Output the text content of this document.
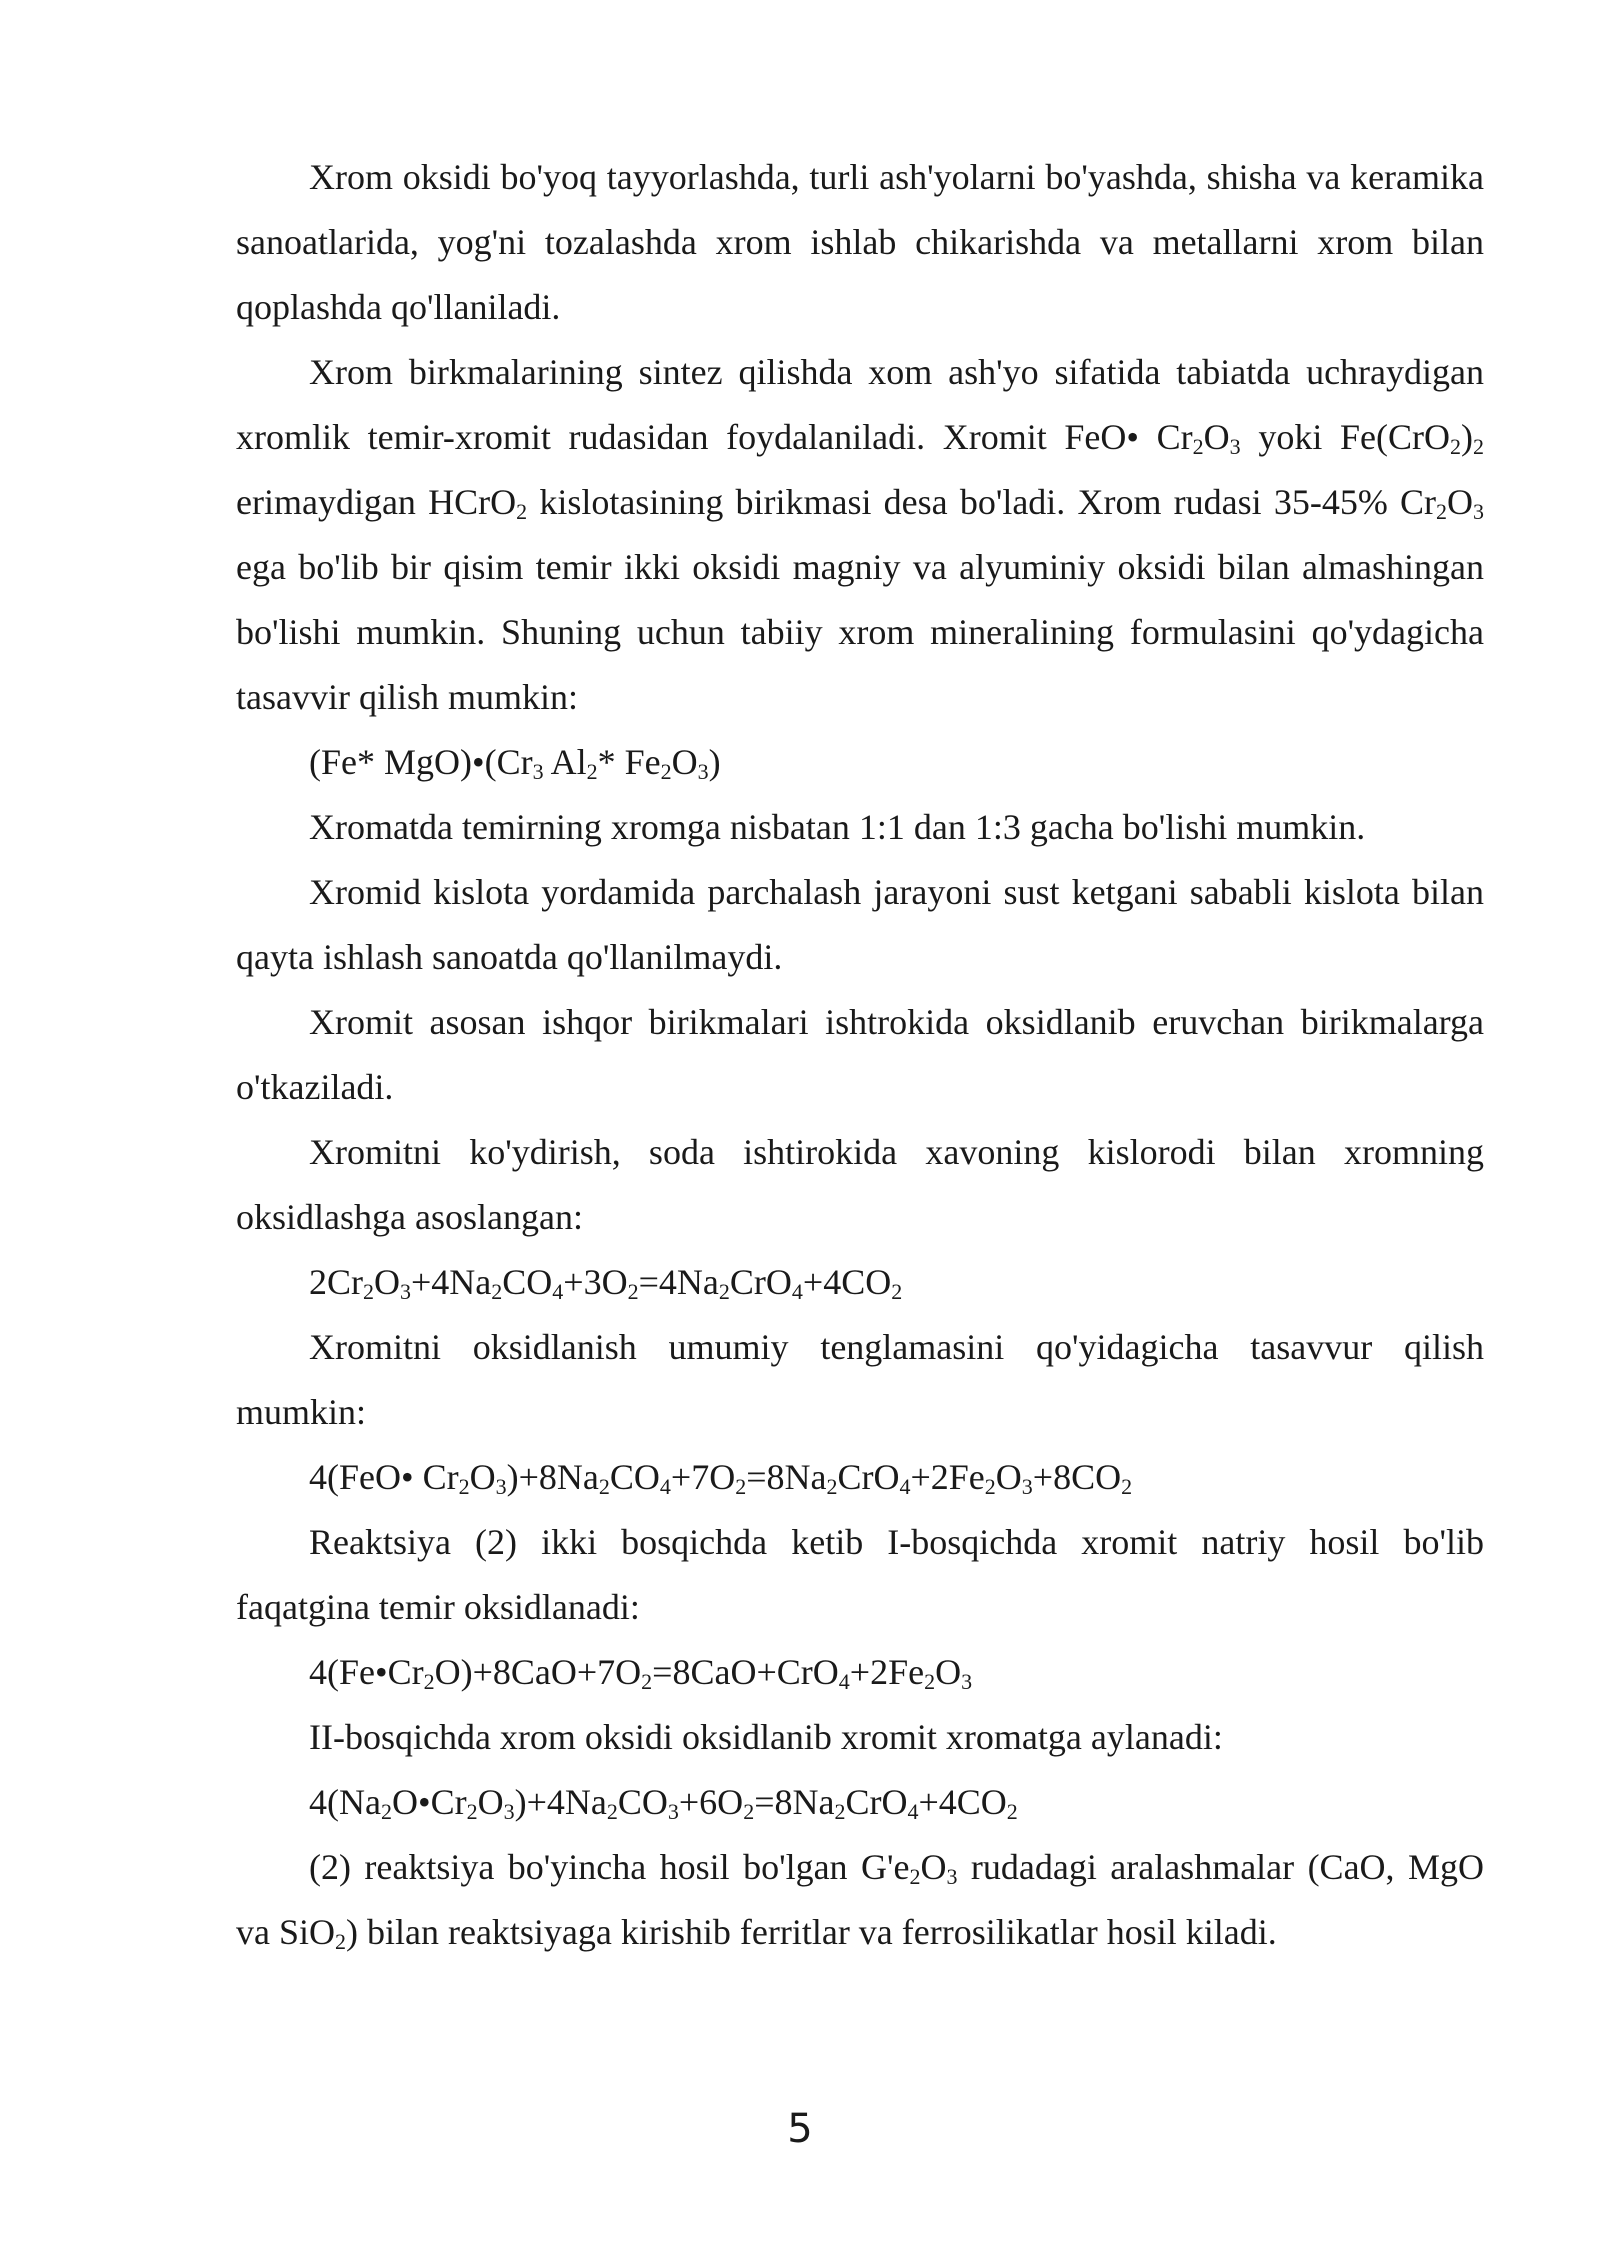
Xrom oksidi bo'yoq tayyorlashda, turli ash'yolarni bo'yashda, shisha va keramika sanoatlarida, yog'ni tozalashda xrom ishlab chikarishda va metallarni xrom bilan qoplashda qo'llaniladi.

Xrom birkmalarining sintez qilishda xom ash'yo sifatida tabiatda uchraydigan xromlik temir-xromit rudasidan foydalaniladi. Xromit FeO• $Cr_2O_3$ yoki $Fe(CrO_2)_2$ erimaydigan HCrO$_2$ kislotasining birikmasi desa bo'ladi. Xrom rudasi 35-45% $Cr_2O_3$ ega bo'lib bir qisim temir ikki oksidi magniy va alyuminiy oksidi bilan almashingan bo'lishi mumkin. Shuning uchun tabiiy xrom mineralining formulasini qo'ydagicha tasavvir qilish mumkin:

(Fe* $MgO)•(Cr_3$ $Al_2*$ $Fe_2O_3$)

Xromatda temirning xromga nisbatan 1:1 dan 1:3 gacha bo'lishi mumkin.

Xromid kislota yordamida parchalash jarayoni sust ketgani sababli kislota bilan qayta ishlash sanoatda qo'llanilmaydi.

Xromit asosan ishqor birikmalari ishtrokida oksidlanib eruvchan birikmalarga o'tkaziladi.

Xromitni ko'ydirish, soda ishtirokida xavoning kislorodi bilan xromning oksidlashga asoslangan:

$2Cr_2O_3+4Na_2CO_4+3O_2=4Na_2CrO_4+4CO_2$

Xromitni oksidlanish umumiy tenglamasini qo'yidagicha tasavvur qilish mumkin:

4(FeO• $Cr_2O_3)+8Na_2CO_4+7O_2=8Na_2CrO_4+2Fe_2O_3+8CO_2$

Reaktsiya (2) ikki bosqichda ketib I-bosqichda xromit natriy hosil bo'lib faqatgina temir oksidlanadi:

$4(Fe•Cr_2O)+8CaO+7O_2=8CaO+CrO_4+2Fe_2O_3$

II-bosqichda xrom oksidi oksidlanib xromit xromatga aylanadi:

$4(Na_2O•Cr_2O_3)+4Na_2CO_3+6O_2=8Na_2CrO_4+4CO_2$

(2) reaktsiya bo'yincha hosil bo'lgan $G'e_2O_3$ rudadagi aralashmalar (CaO, MgO va SiO$_2$) bilan reaktsiyaga kirishib ferritlar va ferrosilikatlar hosil kiladi.

5
